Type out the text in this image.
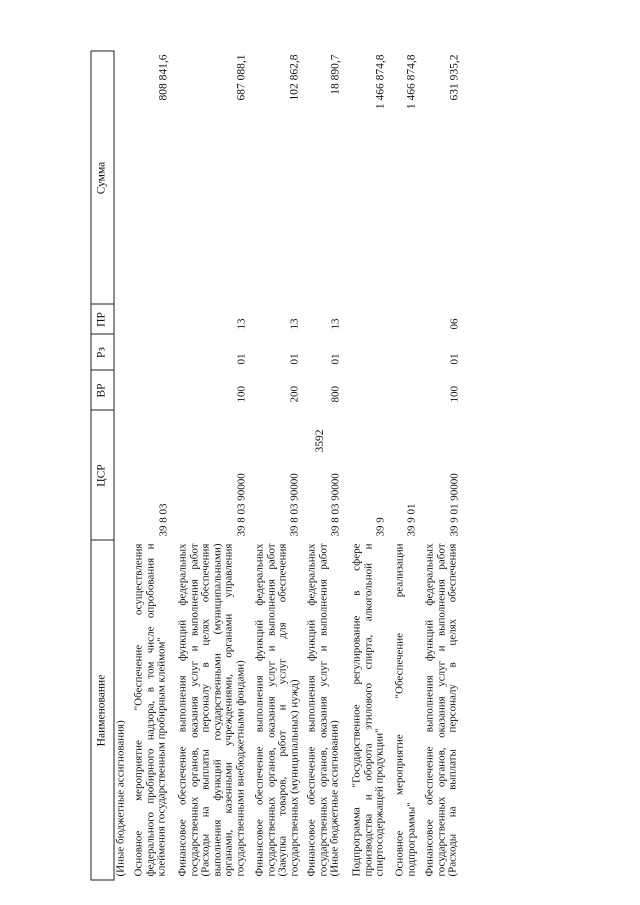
3592
Наименование
ЦСР
ВР
Рз
ПР
Сумма

(Иные бюджетные ассигнования) Основное мероприятие "Обеспечение осуществления федерального пробирного надзора, в том числе опробования и клеймения государственным пробирным клеймом"

39 8 03
808 841,6

Финансовое обеспечение выполнения функций федеральных государственных органов, оказания услуг и выполнения работ (Расходы на выплаты персоналу в целях обеспечения выполнения функций государственными (муниципальными) органами, казенными учреждениями, органами управления государственными внебюджетными фондами)

39 8 03 90000
100
01
13
687 088,1

Финансовое обеспечение выполнения функций федеральных государственных органов, оказания услуг и выполнения работ (Закупка товаров, работ и услуг для обеспечения государственных (муниципальных) нужд)

39 8 03 90000
200
01
13
102 862,8

Финансовое обеспечение выполнения функций федеральных государственных органов, оказания услуг и выполнения работ (Иные бюджетные ассигнования)

39 8 03 90000
800
01
13
18 890,7

Подпрограмма "Государственное регулирование в сфере производства и оборота этилового спирта, алкогольной и спиртосодержащей продукции"

39 9
1 466 874,8

Основное мероприятие "Обеспечение реализации подпрограммы"

39 9 01
1 466 874,8

Финансовое обеспечение выполнения функций федеральных государственных органов, оказания услуг и выполнения работ (Расходы на выплаты персоналу в целях обеспечения

39 9 01 90000
100
01
06
631 935,2
